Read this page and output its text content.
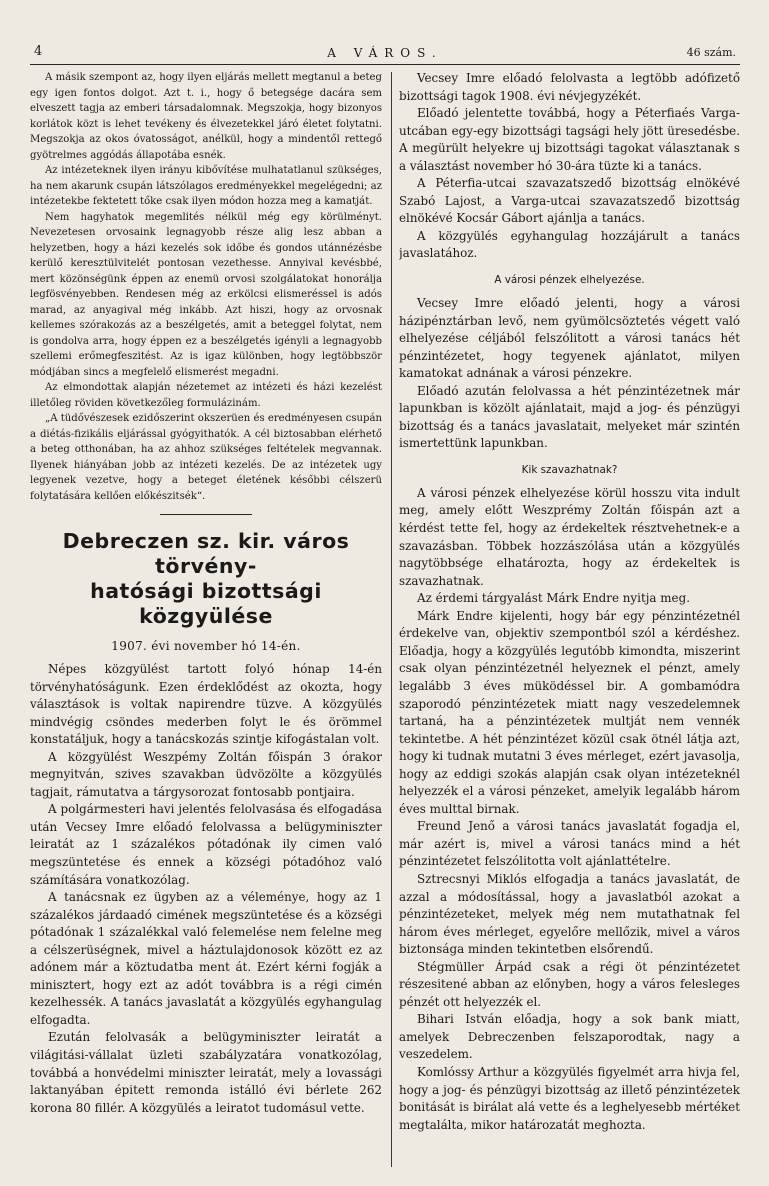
4	A VÁROS.	46 szám.

A másik szempont az, hogy ilyen eljárás mellett megtanul a beteg egy igen fontos dolgot. Azt t. i., hogy ő betegsége dacára sem elveszett tagja az emberi társadalomnak. Megszokja, hogy bizonyos korlátok közt is lehet tevékeny és élvezetekkel járó életet folytatni. Megszokja az okos óvatosságot, anélkül, hogy a mindentől rettegő gyötrelmes aggódás állapotába esnék.

Az intézeteknek ilyen irányu kibővítése mulhatatlanul szükséges, ha nem akarunk csupán látszólagos eredményekkel megelégedni; az intézetekbe fektetett tőke csak ilyen módon hozza meg a kamatját.

Nem hagyhatok megemlités nélkül még egy körülményt. Nevezetesen orvosaink legnagyobb része alig lesz abban a helyzetben, hogy a házi kezelés sok időbe és gondos utánnézésbe kerülő keresztülvitelét pontosan vezethesse. Annyival kevésbbé, mert közönségünk éppen az enemü orvosi szolgálatokat honorálja legfösvényebben. Rendesen még az erkölcsi elismeréssel is adós marad, az anyagival még inkább. Azt hiszi, hogy az orvosnak kellemes szórakozás az a beszélgetés, amit a beteggel folytat, nem is gondolva arra, hogy éppen ez a beszélgetés igényli a legnagyobb szellemi erőmegfeszitést. Az is igaz különben, hogy legtöbbször módjában sincs a megfelelő elismerést megadni.

Az elmondottak alapján nézetemet az intézeti és házi kezelést illetőleg röviden következőleg formulázinám.

„A tüdővészesek ezidőszerint okszerüen és eredményesen csupán a diétás-fizikális eljárással gyógyithatók. A cél biztosabban elérhető a beteg otthonában, ha az ahhoz szükséges feltételek megvannak. Ilyenek hiányában jobb az intézeti kezelés. De az intézetek ugy legyenek vezetve, hogy a beteget életének későbbi célszerü folytatására kellően előkészitsék“.

Debreczen sz. kir. város törvény-
hatósági bizottsági közgyülése
1907. évi november hó 14-én.

Népes közgyülést tartott folyó hónap 14-én törvényhatóságunk. Ezen érdeklődést az okozta, hogy választások is voltak napirendre tüzve. A közgyülés mindvégig csöndes mederben folyt le és örömmel konstatáljuk, hogy a tanácskozás szintje kifogástalan volt.

A közgyülést Weszpémy Zoltán főispán 3 órakor megnyitván, szives szavakban üdvözölte a közgyülés tagjait, rámutatva a tárgysorozat fontosabb pontjaira.

A polgármesteri havi jelentés felolvasása és elfogadása után Vecsey Imre előadó felolvassa a belügyminiszter leiratát az 1 százalékos pótadónak ily cimen való megszüntetése és ennek a községi pótadóhoz való számítására vonatkozólag.

A tanácsnak ez ügyben az a véleménye, hogy az 1 százalékos járdaadó cimének megszüntetése és a községi pótadónak 1 százalékkal való felemelése nem felelne meg a célszerüségnek, mivel a háztulajdonosok között ez az adónem már a köztudatba ment át. Ezért kérni fogják a minisztert, hogy ezt az adót továbbra is a régi cimén kezelhessék. A tanács javaslatát a közgyülés egyhangulag elfogadta.

Ezután felolvasák a belügyminiszter leiratát a világitási-vállalat üzleti szabályzatára vonatkozólag, továbbá a honvédelmi miniszter leiratát, mely a lovassági laktanyában épitett remonda istálló évi bérlete 262 korona 80 fillér. A közgyülés a leiratot tudomásul vette.

Vecsey Imre előadó felolvasta a legtöbb adófizető bizottsági tagok 1908. évi névjegyzékét.

Előadó jelentette továbbá, hogy a Péterfiaés Varga-utcában egy-egy bizottsági tagsági hely jött üresedésbe. A megürült helyekre uj bizottsági tagokat választanak s a választást november hó 30-ára tüzte ki a tanács.

A Péterfia-utcai szavazatszedő bizottság elnökévé Szabó Lajost, a Varga-utcai szavazatszedő bizottság elnökévé Kocsár Gábort ajánlja a tanács.

A közgyülés egyhangulag hozzájárult a tanács javaslatához.

A városi pénzek elhelyezése.

Vecsey Imre előadó jelenti, hogy a városi házipénztárban levő, nem gyümölcsöztetés végett való elhelyezése céljából felszólitott a városi tanács hét pénzintézetet, hogy tegyenek ajánlatot, milyen kamatokat adnának a városi pénzekre.

Előadó azután felolvassa a hét pénzintézetnek már lapunkban is közölt ajánlatait, majd a jog- és pénzügyi bizottság és a tanács javaslatait, melyeket már szintén ismertettünk lapunkban.

Kik szavazhatnak?

A városi pénzek elhelyezése körül hosszu vita indult meg, amely előtt Weszprémy Zoltán főispán azt a kérdést tette fel, hogy az érdekeltek résztvehetnek-e a szavazásban. Többek hozzászólása után a közgyülés nagytöbbsége elhatározta, hogy az érdekeltek is szavazhatnak.

Az érdemi tárgyalást Márk Endre nyitja meg.

Márk Endre kijelenti, hogy bár egy pénzintézetnél érdekelve van, objektiv szempontból szól a kérdéshez. Előadja, hogy a közgyülés legutóbb kimondta, miszerint csak olyan pénzintézetnél helyeznek el pénzt, amely legalább 3 éves müködéssel bir. A gombamódra szaporodó pénzintézetek miatt nagy veszedelemnek tartaná, ha a pénzintézetek multját nem vennék tekintetbe. A hét pénzintézet közül csak ötnél látja azt, hogy ki tudnak mutatni 3 éves mérleget, ezért javasolja, hogy az eddigi szokás alapján csak olyan intézeteknél helyezzék el a városi pénzeket, amelyik legalább három éves multtal birnak.

Freund Jenő a városi tanács javaslatát fogadja el, már azért is, mivel a városi tanács mind a hét pénzintézetet felszólitotta volt ajánlattételre.

Sztrecsnyi Miklós elfogadja a tanács javaslatát, de azzal a módosítással, hogy a javaslatból azokat a pénzintézeteket, melyek még nem mutathatnak fel három éves mérleget, egyelőre mellőzik, mivel a város biztonsága minden tekintetben elsőrendű.

Stégmüller Árpád csak a régi öt pénzintézetet részesitené abban az előnyben, hogy a város felesleges pénzét ott helyezzék el.

Bihari István előadja, hogy a sok bank miatt, amelyek Debreczenben felszaporodtak, nagy a veszedelem.

Komlóssy Arthur a közgyülés figyelmét arra hivja fel, hogy a jog- és pénzügyi bizottság az illető pénzintézetek bonitását is birálat alá vette és a leghelyesebb mértéket megtalálta, mikor határozatát meghozta.
